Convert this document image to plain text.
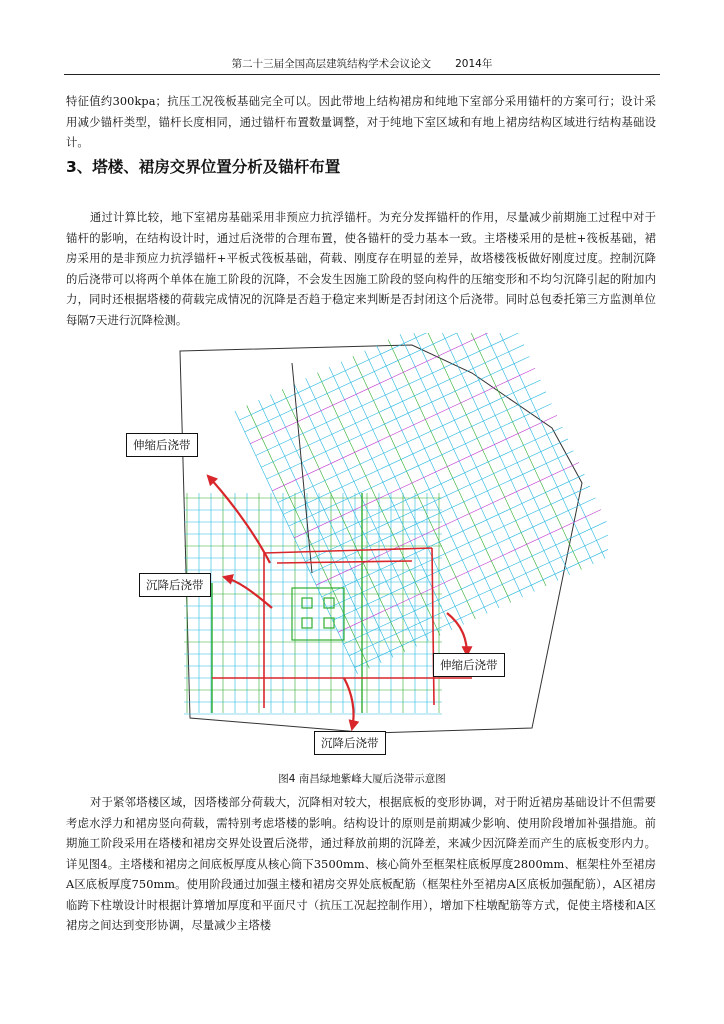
第二十三届全国高层建筑结构学术会议论文 2014年

特征值约300kpa；抗压工况筏板基础完全可以。因此带地上结构裙房和纯地下室部分采用锚杆的方案可行；设计采用减少锚杆类型，锚杆长度相同，通过锚杆布置数量调整，对于纯地下室区域和有地上裙房结构区域进行结构基础设计。

3、塔楼、裙房交界位置分析及锚杆布置

通过计算比较，地下室裙房基础采用非预应力抗浮锚杆。为充分发挥锚杆的作用，尽量减少前期施工过程中对于锚杆的影响，在结构设计时，通过后浇带的合理布置，使各锚杆的受力基本一致。主塔楼采用的是桩+筏板基础，裙房采用的是非预应力抗浮锚杆+平板式筏板基础，荷载、刚度存在明显的差异，故塔楼筏板做好刚度过度。控制沉降的后浇带可以将两个单体在施工阶段的沉降，不会发生因施工阶段的竖向构件的压缩变形和不均匀沉降引起的附加内力，同时还根据塔楼的荷载完成情况的沉降是否趋于稳定来判断是否封闭这个后浇带。同时总包委托第三方监测单位每隔7天进行沉降检测。

伸缩后浇带
沉降后浇带
伸缩后浇带
沉降后浇带
图4 南昌绿地紫峰大厦后浇带示意图

对于紧邻塔楼区域，因塔楼部分荷载大，沉降相对较大，根据底板的变形协调，对于附近裙房基础设计不但需要考虑水浮力和裙房竖向荷载，需特别考虑塔楼的影响。结构设计的原则是前期减少影响、使用阶段增加补强措施。前期施工阶段采用在塔楼和裙房交界处设置后浇带，通过释放前期的沉降差，来减少因沉降差而产生的底板变形内力。详见图4。主塔楼和裙房之间底板厚度从核心筒下3500mm、核心筒外至框架柱底板厚度2800mm、框架柱外至裙房A区底板厚度750mm。使用阶段通过加强主楼和裙房交界处底板配筋（框架柱外至裙房A区底板加强配筋），A区裙房临跨下柱墩设计时根据计算增加厚度和平面尺寸（抗压工况起控制作用），增加下柱墩配筋等方式，促使主塔楼和A区裙房之间达到变形协调，尽量减少主塔楼
